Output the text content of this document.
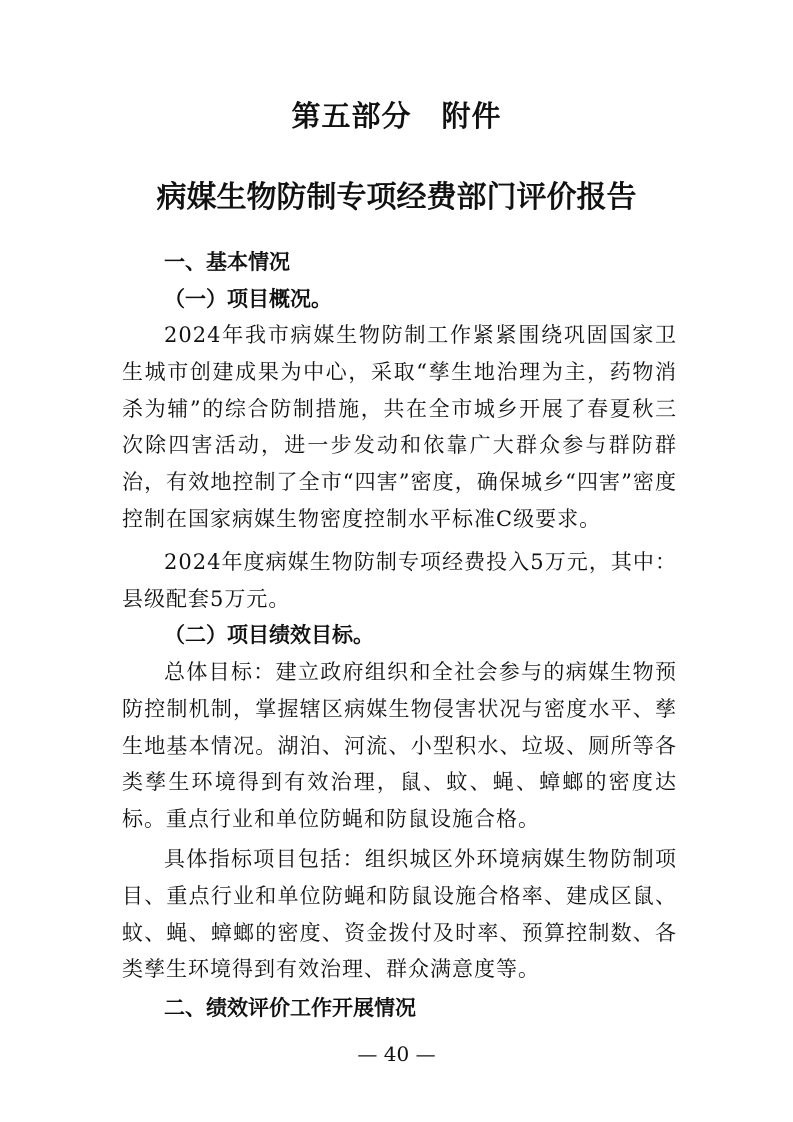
第五部分 附件
病媒生物防制专项经费部门评价报告
一、基本情况
（一）项目概况。

2024年我市病媒生物防制工作紧紧围绕巩固国家卫生城市创建成果为中心，采取“孳生地治理为主，药物消杀为辅”的综合防制措施，共在全市城乡开展了春夏秋三次除四害活动，进一步发动和依靠广大群众参与群防群治，有效地控制了全市“四害”密度，确保城乡“四害”密度控制在国家病媒生物密度控制水平标准C级要求。

2024年度病媒生物防制专项经费投入5万元，其中：县级配套5万元。

（二）项目绩效目标。

总体目标：建立政府组织和全社会参与的病媒生物预防控制机制，掌握辖区病媒生物侵害状况与密度水平、孳生地基本情况。湖泊、河流、小型积水、垃圾、厕所等各类孳生环境得到有效治理，鼠、蚊、蝇、蟑螂的密度达标。重点行业和单位防蝇和防鼠设施合格。

具体指标项目包括：组织城区外环境病媒生物防制项目、重点行业和单位防蝇和防鼠设施合格率、建成区鼠、蚊、蝇、蟑螂的密度、资金拨付及时率、预算控制数、各类孳生环境得到有效治理、群众满意度等。

二、绩效评价工作开展情况
— 40 —
